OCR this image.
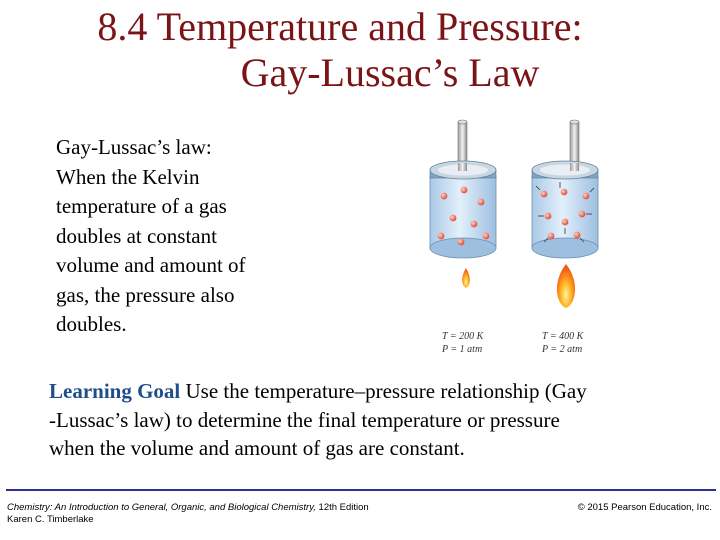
8.4 Temperature and Pressure:
Gay-Lussac’s Law
Gay-Lussac’s law:
When the Kelvin
temperature of a gas
doubles at constant
volume and amount of
gas, the pressure also
doubles.
T = 200 K
P = 1 atm
T = 400 K
P = 2 atm
Learning Goal Use the temperature–pressure relationship (Gay
-Lussac’s law) to determine the final temperature or pressure
when the volume and amount of gas are constant.
Chemistry: An Introduction to General, Organic, and Biological Chemistry, 12th Edition
Karen C. Timberlake
© 2015 Pearson Education, Inc.
